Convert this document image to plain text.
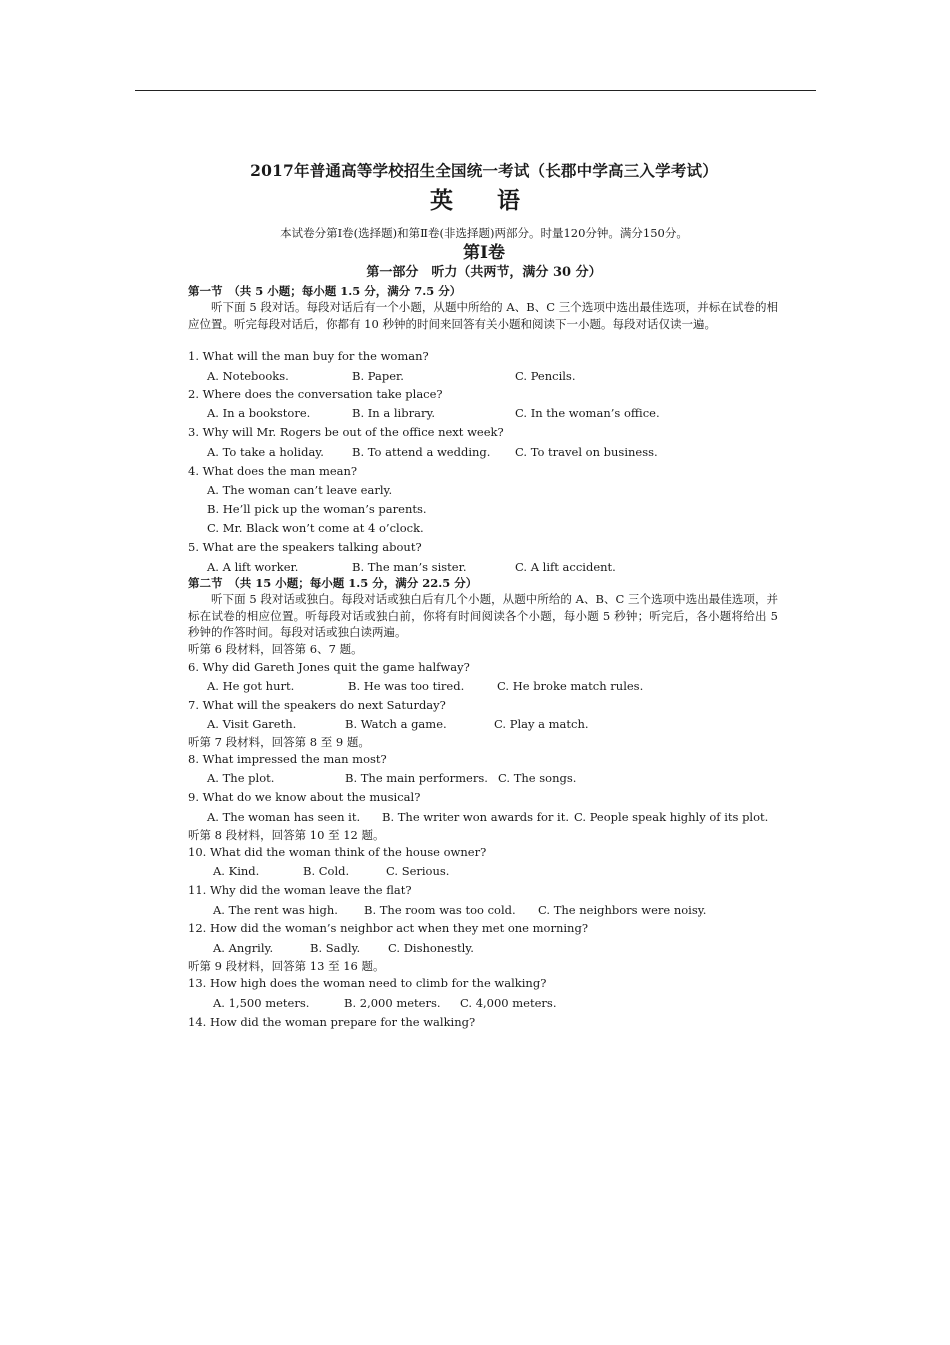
2017年普通高等学校招生全国统一考试（长郡中学高三入学考试）
英 语
本试卷分第Ⅰ卷(选择题)和第Ⅱ卷(非选择题)两部分。时量120分钟。满分150分。
第Ⅰ卷
第一部分　听力（共两节，满分 30 分）
第一节　（共 5 小题；每小题 1.5 分，满分 7.5 分）

听下面 5 段对话。每段对话后有一个小题，从题中所给的 A、B、C 三个选项中选出最佳选项，并标在试卷的相应位置。听完每段对话后，你都有 10 秒钟的时间来回答有关小题和阅读下一小题。每段对话仅读一遍。

1. What will the man buy for the woman?
A. Notebooks.	B. Paper.	C. Pencils.
2. Where does the conversation take place?
A. In a bookstore.	B. In a library.	C. In the woman’s office.
3. Why will Mr. Rogers be out of the office next week?
A. To take a holiday. B. To attend a wedding. C. To travel on business.
4. What does the man mean?
A. The woman can’t leave early.
B. He’ll pick up the woman’s parents.
C. Mr. Black won’t come at 4 o’clock.
5. What are the speakers talking about?
A. A lift worker.	B. The man’s sister.	C. A lift accident.
第二节　（共 15 小题；每小题 1.5 分，满分 22.5 分）

听下面 5 段对话或独白。每段对话或独白后有几个小题，从题中所给的 A、B、C 三个选项中选出最佳选项，并标在试卷的相应位置。听每段对话或独白前，你将有时间阅读各个小题，每小题 5 秒钟；听完后，各小题将给出 5 秒钟的作答时间。每段对话或独白读两遍。

听第 6 段材料，回答第 6、7 题。
6. Why did Gareth Jones quit the game halfway?
A. He got hurt.	B. He was too tired.	C. He broke match rules.
7. What will the speakers do next Saturday?
A. Visit Gareth.	B. Watch a game.	C. Play a match.
听第 7 段材料，回答第 8 至 9 题。
8. What impressed the man most?
A. The plot.	B. The main performers. C. The songs.
9. What do we know about the musical?
A. The woman has seen it. B. The writer won awards for it. C. People speak highly of its plot.
听第 8 段材料，回答第 10 至 12 题。
10. What did the woman think of the house owner?
A. Kind.	B. Cold.	C. Serious.
11. Why did the woman leave the flat?
A. The rent was high. B. The room was too cold. C. The neighbors were noisy.
12. How did the woman’s neighbor act when they met one morning?
A. Angrily.	B. Sadly. C. Dishonestly.
听第 9 段材料，回答第 13 至 16 题。
13. How high does the woman need to climb for the walking?
A. 1,500 meters.	B. 2,000 meters. C. 4,000 meters.
14. How did the woman prepare for the walking?
